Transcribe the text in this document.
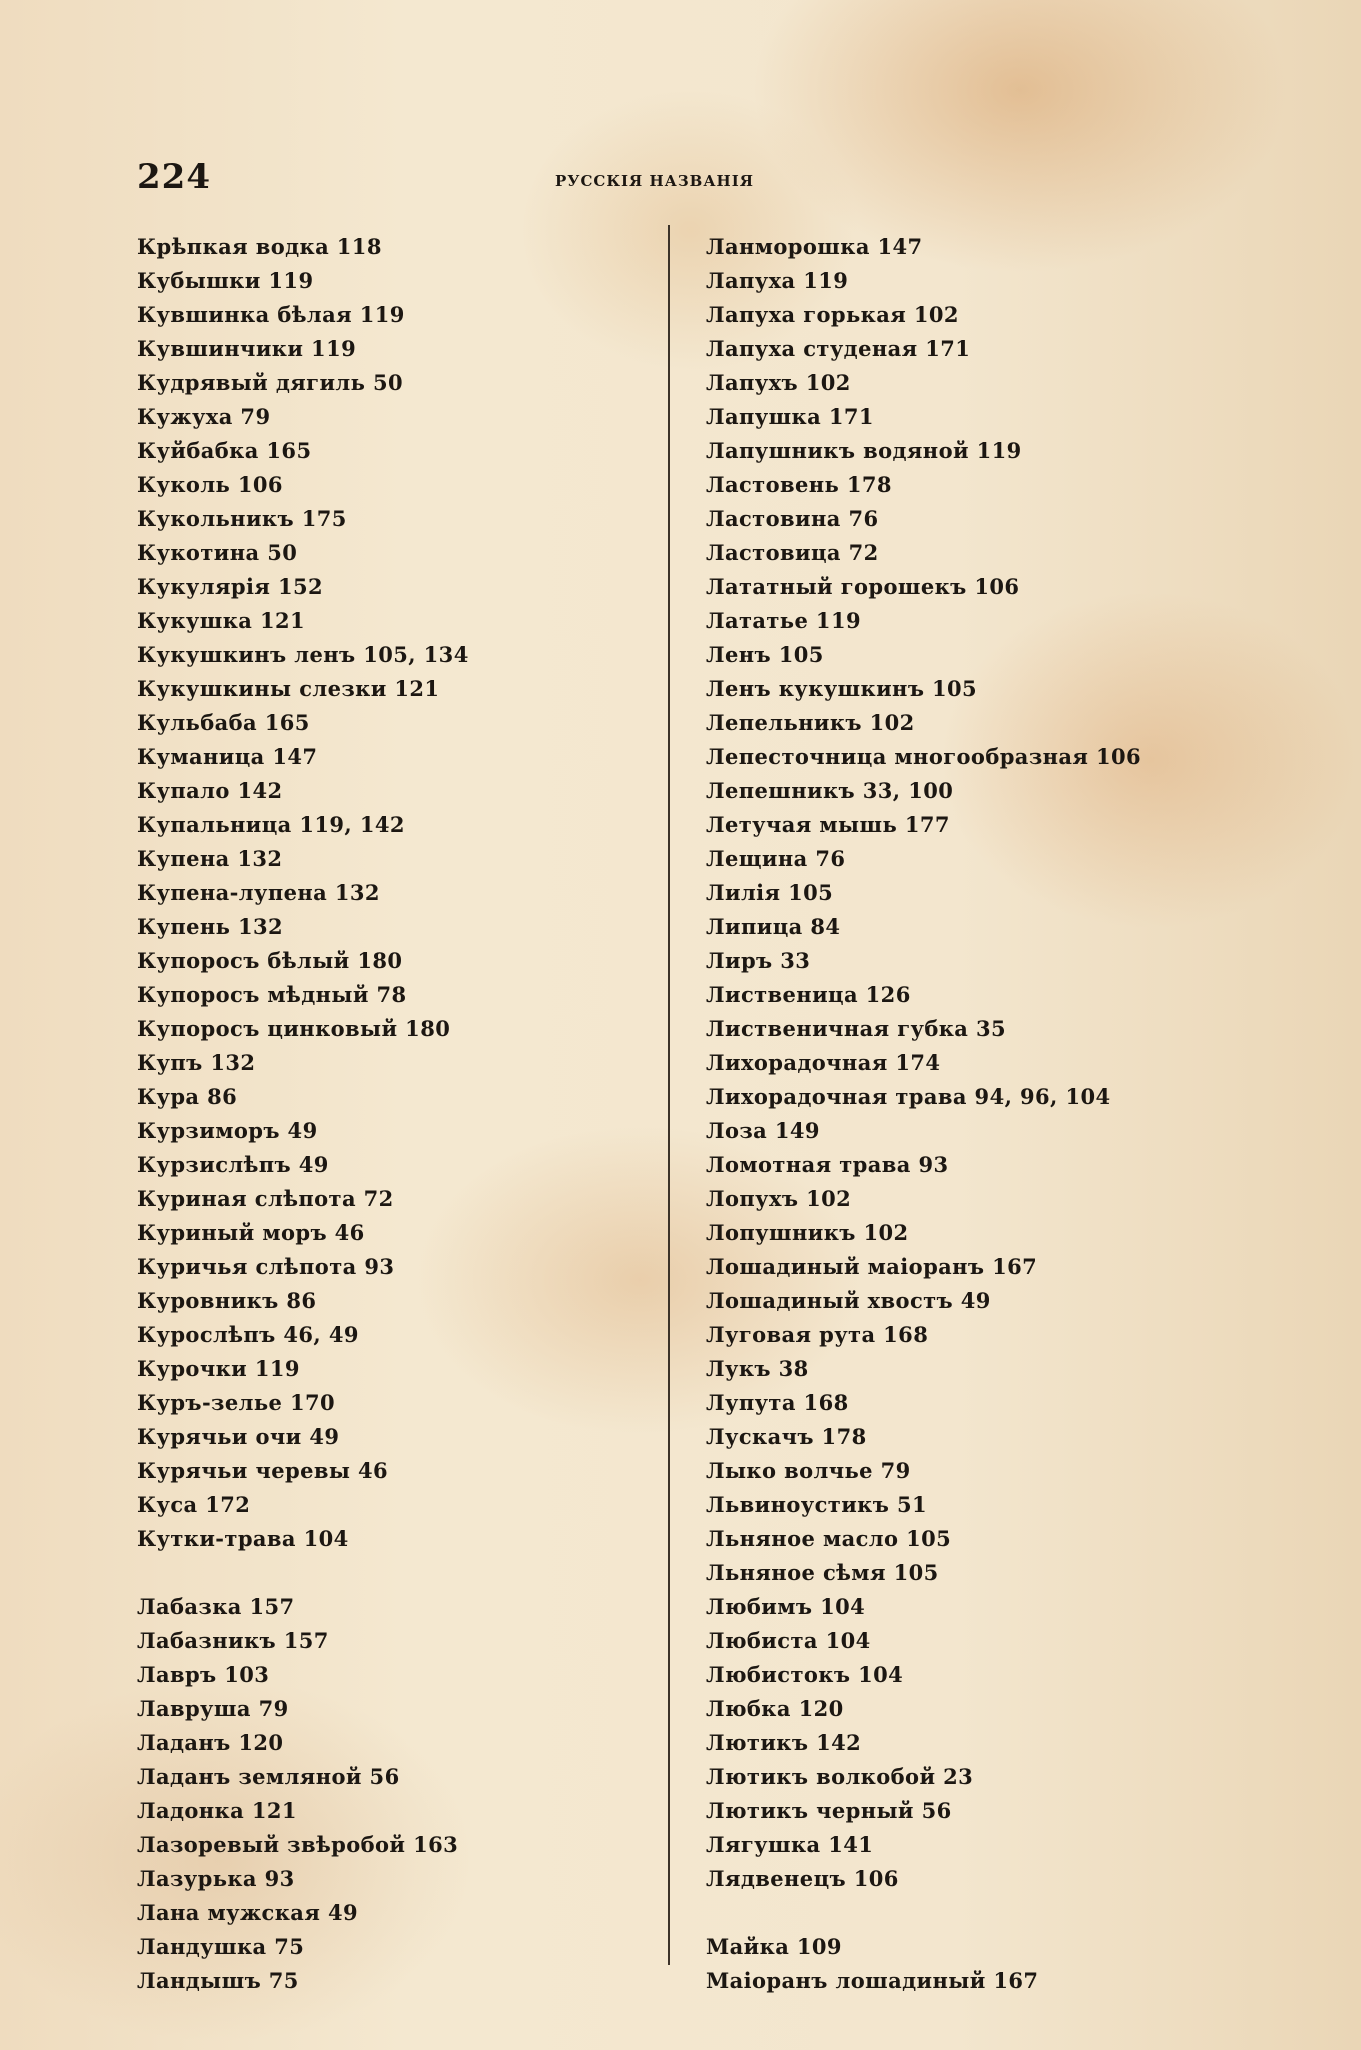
224	РУССКІЯ НАЗВАНІЯ
Крѣпкая водка 118
Кубышки 119
Кувшинка бѣлая 119
Кувшинчики 119
Кудрявый дягиль 50
Кужуха 79
Куйбабка 165
Куколь 106
Кукольникъ 175
Кукотина 50
Кукулярія 152
Кукушка 121
Кукушкинъ ленъ 105, 134
Кукушкины слезки 121
Кульбаба 165
Куманица 147
Купало 142
Купальница 119, 142
Купена 132
Купена-лупена 132
Купень 132
Купоросъ бѣлый 180
Купоросъ мѣдный 78
Купоросъ цинковый 180
Купъ 132
Кура 86
Курзиморъ 49
Курзислѣпъ 49
Куриная слѣпота 72
Куриный моръ 46
Куричья слѣпота 93
Куровникъ 86
Курослѣпъ 46, 49
Курочки 119
Куръ-зелье 170
Курячьи очи 49
Курячьи черевы 46
Куса 172
Кутки-трава 104
Лабазка 157
Лабазникъ 157
Лавръ 103
Лавруша 79
Ладанъ 120
Ладанъ земляной 56
Ладонка 121
Лазоревый звѣробой 163
Лазурька 93
Лана мужская 49
Ландушка 75
Ландышъ 75
Ланморошка 147
Лапуха 119
Лапуха горькая 102
Лапуха студеная 171
Лапухъ 102
Лапушка 171
Лапушникъ водяной 119
Ластовень 178
Ластовина 76
Ластовица 72
Лататный горошекъ 106
Лататье 119
Ленъ 105
Ленъ кукушкинъ 105
Лепельникъ 102
Лепесточница многообразная 106
Лепешникъ 33, 100
Летучая мышь 177
Лещина 76
Лилія 105
Липица 84
Лиръ 33
Лиственица 126
Лиственичная губка 35
Лихорадочная 174
Лихорадочная трава 94, 96, 104
Лоза 149
Ломотная трава 93
Лопухъ 102
Лопушникъ 102
Лошадиный маіоранъ 167
Лошадиный хвостъ 49
Луговая рута 168
Лукъ 38
Лупута 168
Лускачъ 178
Лыко волчье 79
Львиноустикъ 51
Льняное масло 105
Льняное сѣмя 105
Любимъ 104
Любиста 104
Любистокъ 104
Любка 120
Лютикъ 142
Лютикъ волкобой 23
Лютикъ черный 56
Лягушка 141
Лядвенецъ 106
Майка 109
Маіоранъ лошадиный 167
